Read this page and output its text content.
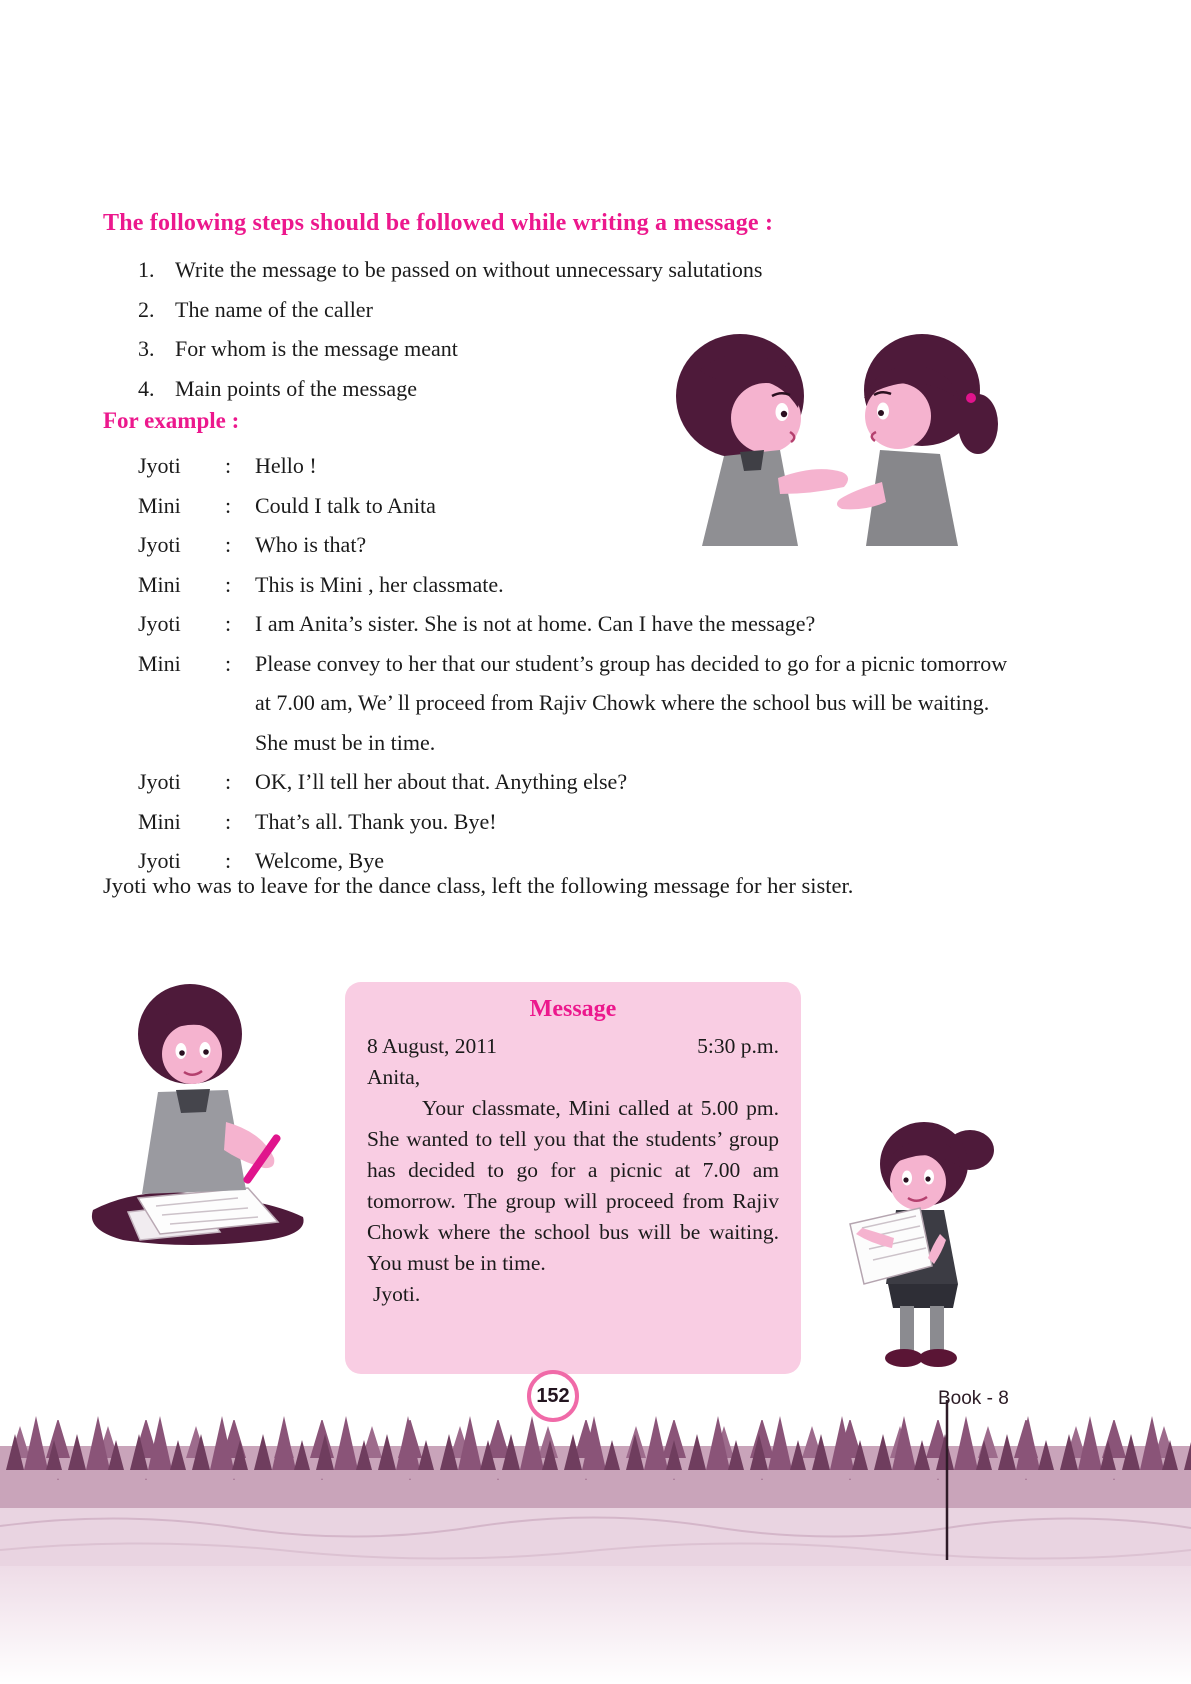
The following steps should be followed while writing a message :
1. Write the message to be passed on without unnecessary salutations
2. The name of the caller
3. For whom is the message meant
4. Main points of the message
For example :
Jyoti	:	Hello !
Mini	:	Could I talk to Anita
Jyoti	:	Who is that?
Mini	:	This is Mini , her classmate.
Jyoti	:	I am Anita’s sister. She is not at home. Can I have the message?
Mini	:	Please convey to her that our student’s group has decided to go for a picnic tomorrow at 7.00 am, We’ ll proceed from Rajiv Chowk where the school bus will be waiting. She must be in time.
Jyoti	:	OK, I’ll tell her about that. Anything else?
Mini	:	That’s all. Thank you. Bye!
Jyoti	:	Welcome, Bye
Jyoti who was to leave for the dance class, left the following message for her sister.
Message
8 August, 2011	5:30 p.m.
Anita,

Your classmate, Mini called at 5.00 pm. She wanted to tell you that the students’ group has decided to go for a picnic at 7.00 am tomorrow. The group will proceed from Rajiv Chowk where the school bus will be waiting. You must be in time.

Jyoti.
152	Book - 8
